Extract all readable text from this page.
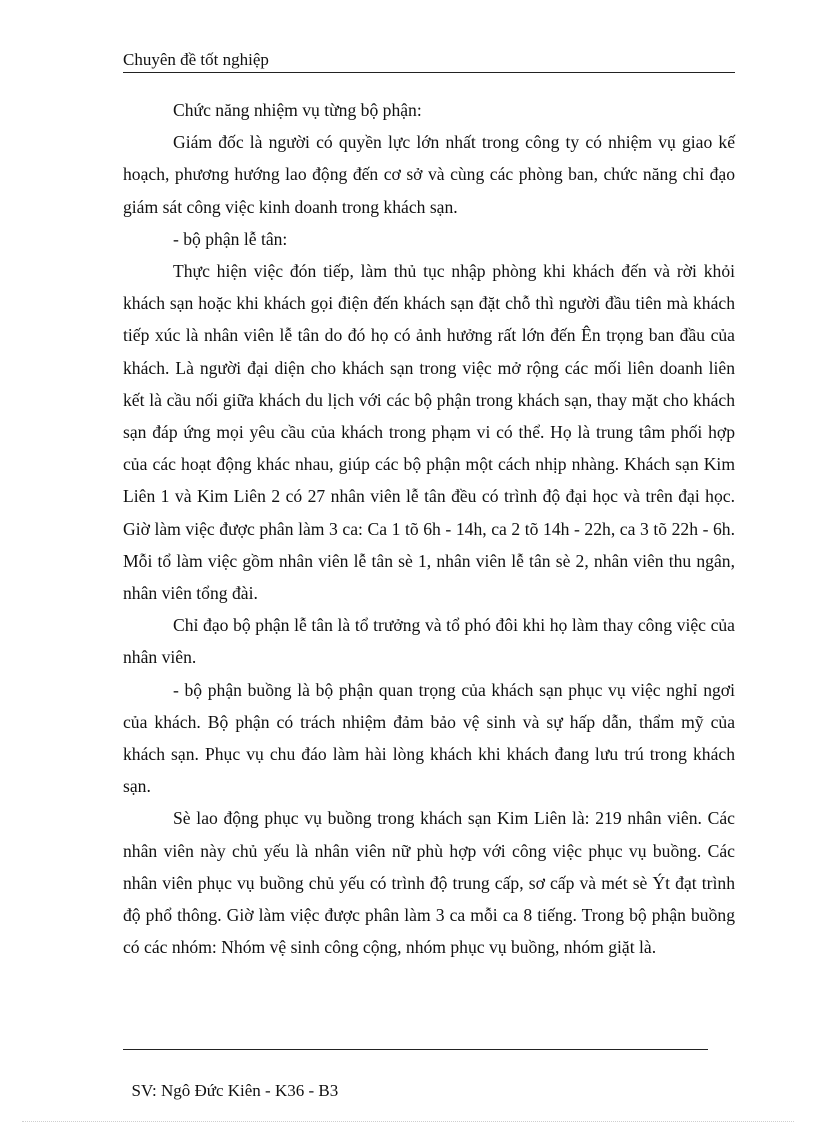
Chuyên đề tốt nghiệp

Chức năng nhiệm vụ từng bộ phận:

Giám đốc là người có quyền lực lớn nhất trong công ty có nhiệm vụ giao kế hoạch, phương hướng lao động đến cơ sở và cùng các phòng ban, chức năng chỉ đạo giám sát công việc kinh doanh trong khách sạn.

- bộ phận lễ tân:

Thực hiện việc đón tiếp, làm thủ tục nhập phòng khi khách đến và rời khỏi khách sạn hoặc khi khách gọi điện đến khách sạn đặt chỗ thì người đầu tiên mà khách tiếp xúc là nhân viên lễ tân do đó họ có ảnh hưởng rất lớn đến Ên trọng ban đầu của khách. Là người đại diện cho khách sạn trong việc mở rộng các mối liên doanh liên kết là cầu nối giữa khách du lịch với các bộ phận trong khách sạn, thay mặt cho khách sạn đáp ứng mọi yêu cầu của khách trong phạm vi có thể. Họ là trung tâm phối hợp của các hoạt động khác nhau, giúp các bộ phận một cách nhịp nhàng. Khách sạn Kim Liên 1 và Kim Liên 2 có 27 nhân viên lễ tân đều có trình độ đại học và trên đại học. Giờ làm việc được phân làm 3 ca: Ca 1 tõ 6h - 14h, ca 2 tõ 14h - 22h, ca 3 tõ 22h - 6h. Mỗi tổ làm việc gồm nhân viên lễ tân sè 1, nhân viên lễ tân sè 2, nhân viên thu ngân, nhân viên tổng đài.

Chỉ đạo bộ phận lễ tân là tổ trưởng và tổ phó đôi khi họ làm thay công việc của nhân viên.

- bộ phận buồng là bộ phận quan trọng của khách sạn phục vụ việc nghỉ ngơi của khách. Bộ phận có trách nhiệm đảm bảo vệ sinh và sự hấp dẫn, thẩm mỹ của khách sạn. Phục vụ chu đáo làm hài lòng khách khi khách đang lưu trú trong khách sạn.

Sè lao động phục vụ buồng trong khách sạn Kim Liên là: 219 nhân viên. Các nhân viên này chủ yếu là nhân viên nữ phù hợp với công việc phục vụ buồng. Các nhân viên phục vụ buồng chủ yếu có trình độ trung cấp, sơ cấp và mét sè Ýt đạt trình độ phổ thông. Giờ làm việc được phân làm 3 ca mỗi ca 8 tiếng. Trong bộ phận buồng có các nhóm: Nhóm vệ sinh công cộng, nhóm phục vụ buồng, nhóm giặt là.

SV: Ngô Đức Kiên - K36 - B3
